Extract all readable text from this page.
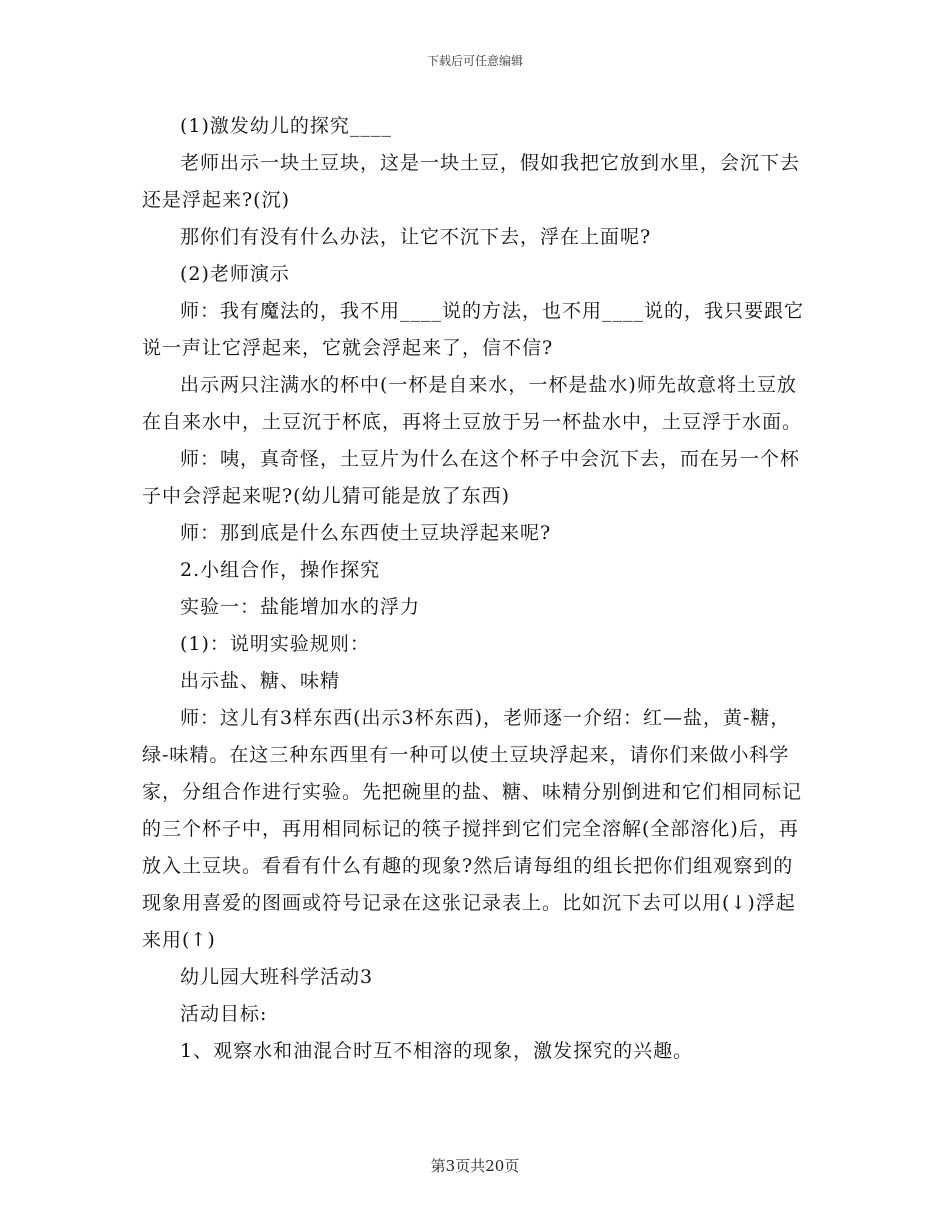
下载后可任意编辑

(1)激发幼儿的探究____

老师出示一块土豆块，这是一块土豆，假如我把它放到水里，会沉下去还是浮起来?(沉)

那你们有没有什么办法，让它不沉下去，浮在上面呢?

(2)老师演示

师：我有魔法的，我不用____说的方法，也不用____说的，我只要跟它说一声让它浮起来，它就会浮起来了，信不信?

出示两只注满水的杯中(一杯是自来水，一杯是盐水)师先故意将土豆放在自来水中，土豆沉于杯底，再将土豆放于另一杯盐水中，土豆浮于水面。

师：咦，真奇怪，土豆片为什么在这个杯子中会沉下去，而在另一个杯子中会浮起来呢?(幼儿猜可能是放了东西)

师：那到底是什么东西使土豆块浮起来呢?

2.小组合作，操作探究

实验一：盐能增加水的浮力

(1)：说明实验规则：

出示盐、糖、味精

师：这儿有3样东西(出示3杯东西)，老师逐一介绍：红—盐，黄-糖，绿-味精。在这三种东西里有一种可以使土豆块浮起来，请你们来做小科学家，分组合作进行实验。先把碗里的盐、糖、味精分别倒进和它们相同标记的三个杯子中，再用相同标记的筷子搅拌到它们完全溶解(全部溶化)后，再放入土豆块。看看有什么有趣的现象?然后请每组的组长把你们组观察到的现象用喜爱的图画或符号记录在这张记录表上。比如沉下去可以用(↓)浮起来用(↑)

幼儿园大班科学活动3

活动目标:

1、观察水和油混合时互不相溶的现象，激发探究的兴趣。

第3页共20页
